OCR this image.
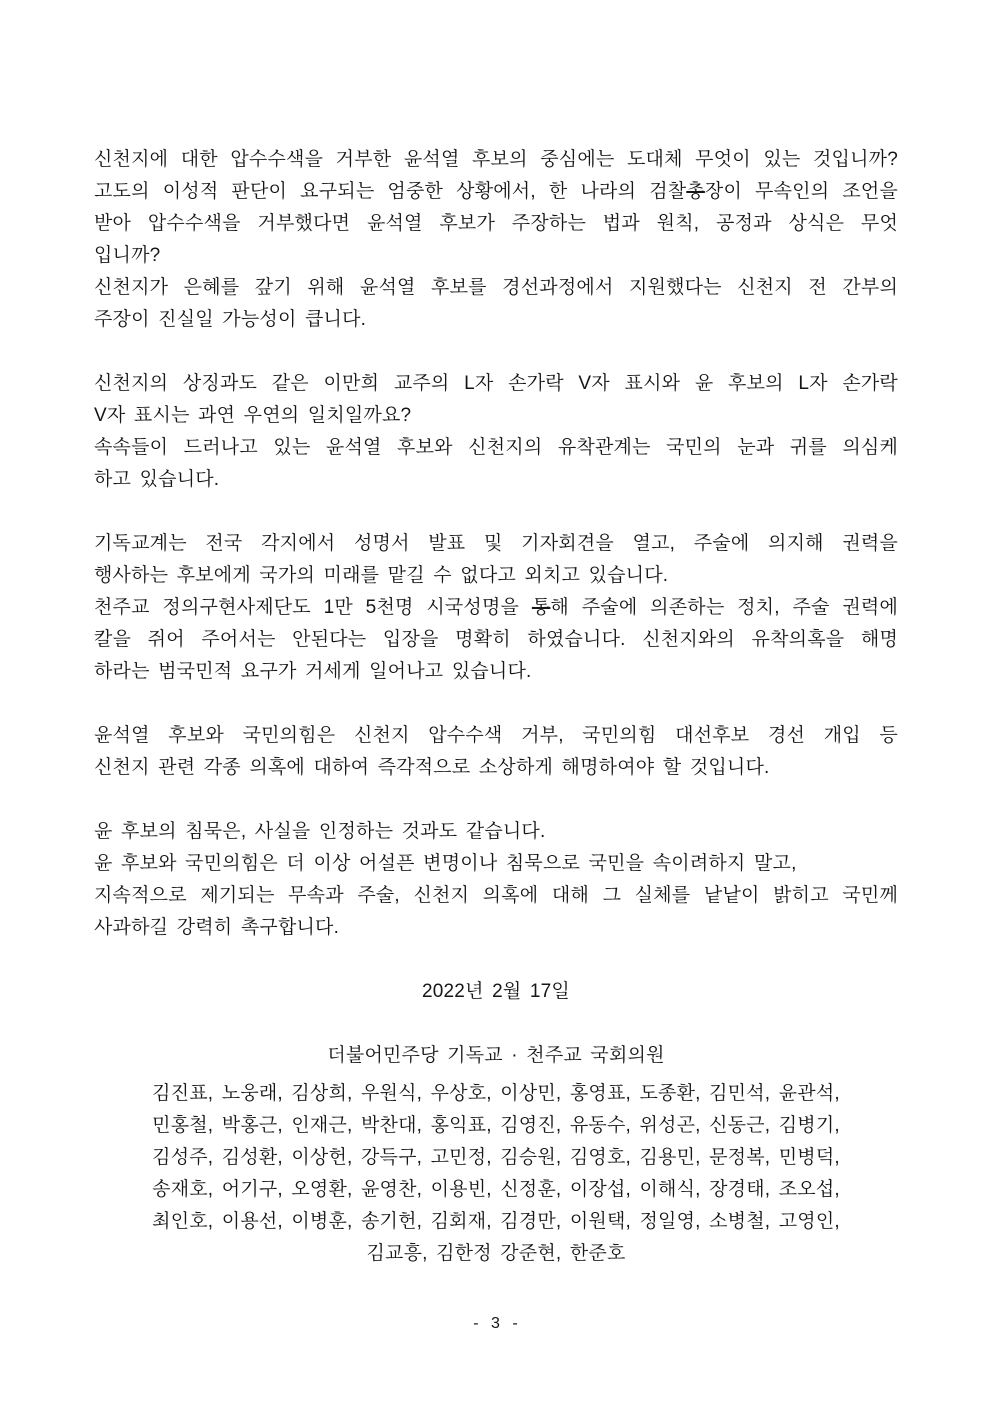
신천지에 대한 압수수색을 거부한 윤석열 후보의 중심에는 도대체 무엇이 있는 것입니까?
고도의 이성적 판단이 요구되는 엄중한 상황에서, 한 나라의 검찰총장이 무속인의 조언을
받아 압수수색을 거부했다면 윤석열 후보가 주장하는 법과 원칙, 공정과 상식은 무엇
입니까?
신천지가 은혜를 갚기 위해 윤석열 후보를 경선과정에서 지원했다는 신천지 전 간부의
주장이 진실일 가능성이 큽니다.
신천지의 상징과도 같은 이만희 교주의 L자 손가락 V자 표시와 윤 후보의 L자 손가락
V자 표시는 과연 우연의 일치일까요?
속속들이 드러나고 있는 윤석열 후보와 신천지의 유착관계는 국민의 눈과 귀를 의심케
하고 있습니다.
기독교계는 전국 각지에서 성명서 발표 및 기자회견을 열고, 주술에 의지해 권력을
행사하는 후보에게 국가의 미래를 맡길 수 없다고 외치고 있습니다.
천주교 정의구현사제단도 1만 5천명 시국성명을 통해 주술에 의존하는 정치, 주술 권력에
칼을 쥐어 주어서는 안된다는 입장을 명확히 하였습니다. 신천지와의 유착의혹을 해명
하라는 범국민적 요구가 거세게 일어나고 있습니다.
윤석열 후보와 국민의힘은 신천지 압수수색 거부, 국민의힘 대선후보 경선 개입 등
신천지 관련 각종 의혹에 대하여 즉각적으로 소상하게 해명하여야 할 것입니다.
윤 후보의 침묵은, 사실을 인정하는 것과도 같습니다.
윤 후보와 국민의힘은 더 이상 어설픈 변명이나 침묵으로 국민을 속이려하지 말고,
지속적으로 제기되는 무속과 주술, 신천지 의혹에 대해 그 실체를 낱낱이 밝히고 국민께
사과하길 강력히 촉구합니다.
2022년 2월 17일
더불어민주당 기독교 · 천주교 국회의원
김진표, 노웅래, 김상희, 우원식, 우상호, 이상민, 홍영표, 도종환, 김민석, 윤관석,
민홍철, 박홍근, 인재근, 박찬대, 홍익표, 김영진, 유동수, 위성곤, 신동근, 김병기,
김성주, 김성환, 이상헌, 강득구, 고민정, 김승원, 김영호, 김용민, 문정복, 민병덕,
송재호, 어기구, 오영환, 윤영찬, 이용빈, 신정훈, 이장섭, 이해식, 장경태, 조오섭,
최인호, 이용선, 이병훈, 송기헌, 김회재, 김경만, 이원택, 정일영, 소병철, 고영인,
김교흥, 김한정 강준현, 한준호
- 3 -
